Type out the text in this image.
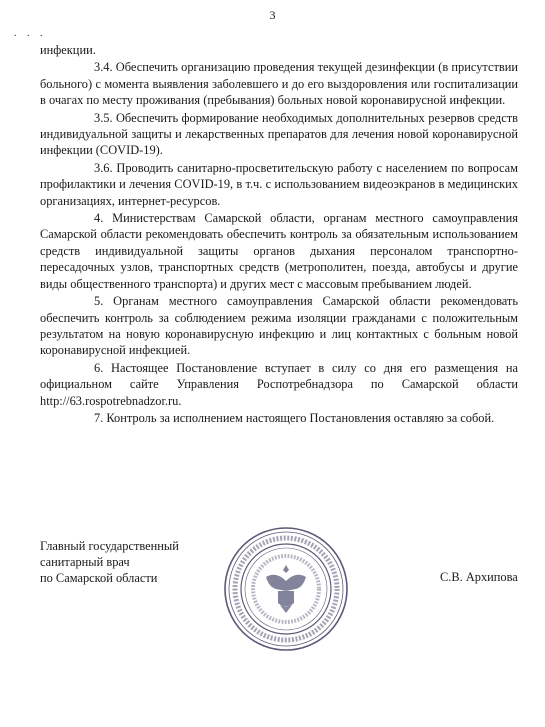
3
. . .

инфекции.

3.4. Обеспечить организацию проведения текущей дезинфекции (в присутствии больного) с момента выявления заболевшего и до его выздоровления или госпитализации в очагах по месту проживания (пребывания) больных новой коронавирусной инфекции.

3.5. Обеспечить формирование необходимых дополнительных резервов средств индивидуальной защиты и лекарственных препаратов для лечения новой коронавирусной инфекции (COVID-19).

3.6. Проводить санитарно-просветительскую работу с населением по вопросам профилактики и лечения COVID-19, в т.ч. с использованием видеоэкранов в медицинских организациях, интернет-ресурсов.

4. Министерствам Самарской области, органам местного самоуправления Самарской области рекомендовать обеспечить контроль за обязательным использованием средств индивидуальной защиты органов дыхания персоналом транспортно-пересадочных узлов, транспортных средств (метрополитен, поезда, автобусы и другие виды общественного транспорта) и других мест с массовым пребыванием людей.

5. Органам местного самоуправления Самарской области рекомендовать обеспечить контроль за соблюдением режима изоляции гражданами с положительным результатом на новую коронавирусную инфекцию и лиц контактных с больным новой коронавирусной инфекцией.

6. Настоящее Постановление вступает в силу со дня его размещения на официальном сайте Управления Роспотребнадзора по Самарской области http://63.rospotrebnadzor.ru.

7. Контроль за исполнением настоящего Постановления оставляю за собой.

Главный государственный
санитарный врач
по Самарской области	С.В. Архипова
